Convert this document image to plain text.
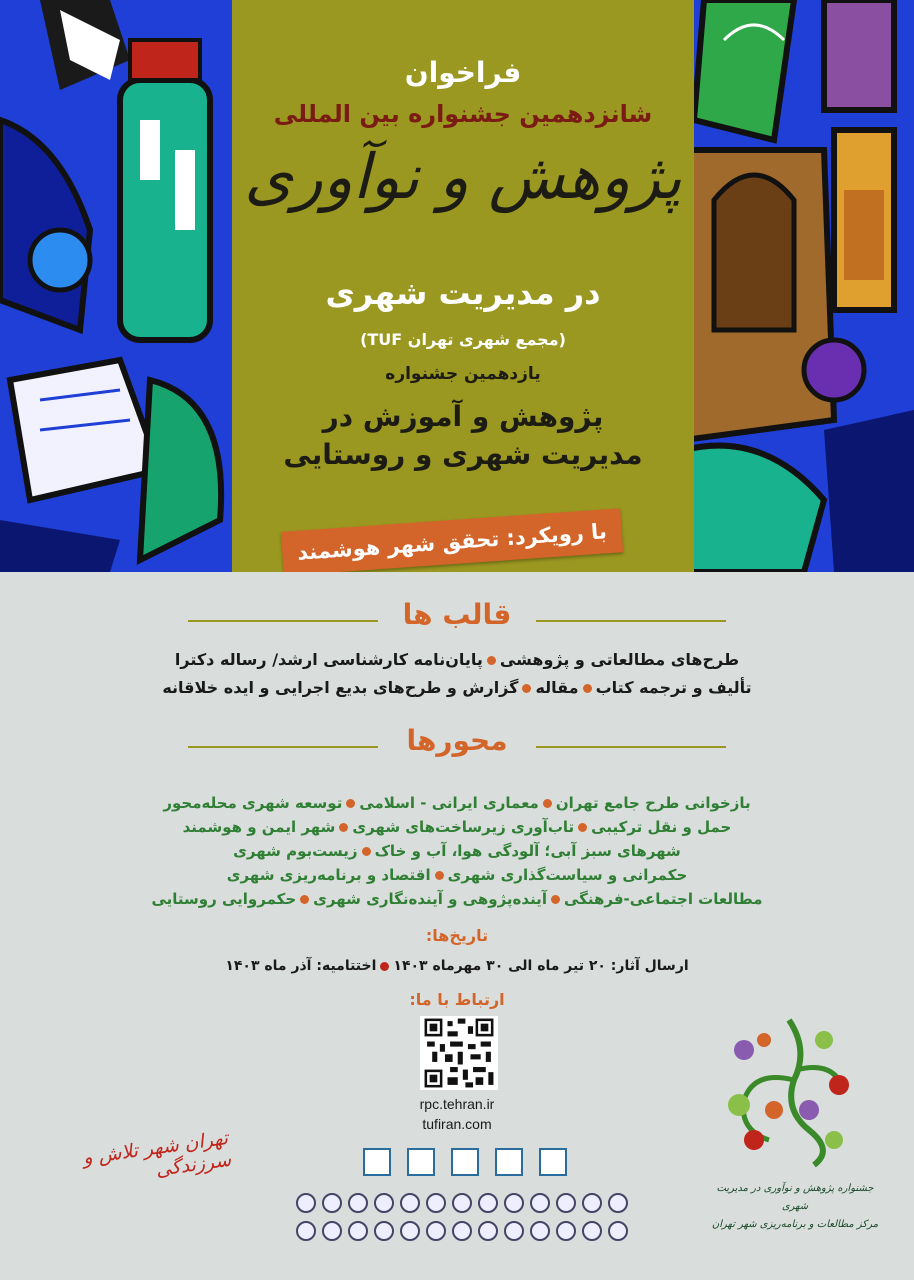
فراخوان
شانزدهمین جشنواره بین المللی
پژوهش و نوآوری
در مدیریت شهری
(مجمع شهری تهران TUF)
یازدهمین جشنواره
پژوهش و آموزش در
مدیریت شهری و روستایی
با رویکرد: تحقق شهر هوشمند
قالب ها
طرح‌های مطالعاتی و پژوهشیپایان‌نامه کارشناسی ارشد/ رساله دکترا
تألیف و ترجمه کتابمقالهگزارش و طرح‌های بدیع اجرایی و ایده خلاقانه
محورها
بازخوانی طرح جامع تهرانمعماری ایرانی - اسلامیتوسعه شهری محله‌محور
حمل و نقل ترکیبیتاب‌آوری زیرساخت‌های شهریشهر ایمن و هوشمند
شهرهای سبز آبی؛ آلودگی هوا، آب و خاکزیست‌بوم شهری
حکمرانی و سیاست‌گذاری شهریاقتصاد و برنامه‌ریزی شهری
مطالعات اجتماعی-فرهنگیآینده‌پژوهی و آینده‌نگاری شهریحکمروایی روستایی
تاریخ‌ها:
ارسال آثار: ۲۰ تیر ماه الی ۳۰ مهرماه ۱۴۰۳اختتامیه: آذر ماه ۱۴۰۳
ارتباط با ما:
rpc.tehran.ir
tufiran.com
تهران شهر تلاش و سرزندگی
جشنواره پژوهش و نوآوری در مدیریت شهری
مرکز مطالعات و برنامه‌ریزی شهر تهران
